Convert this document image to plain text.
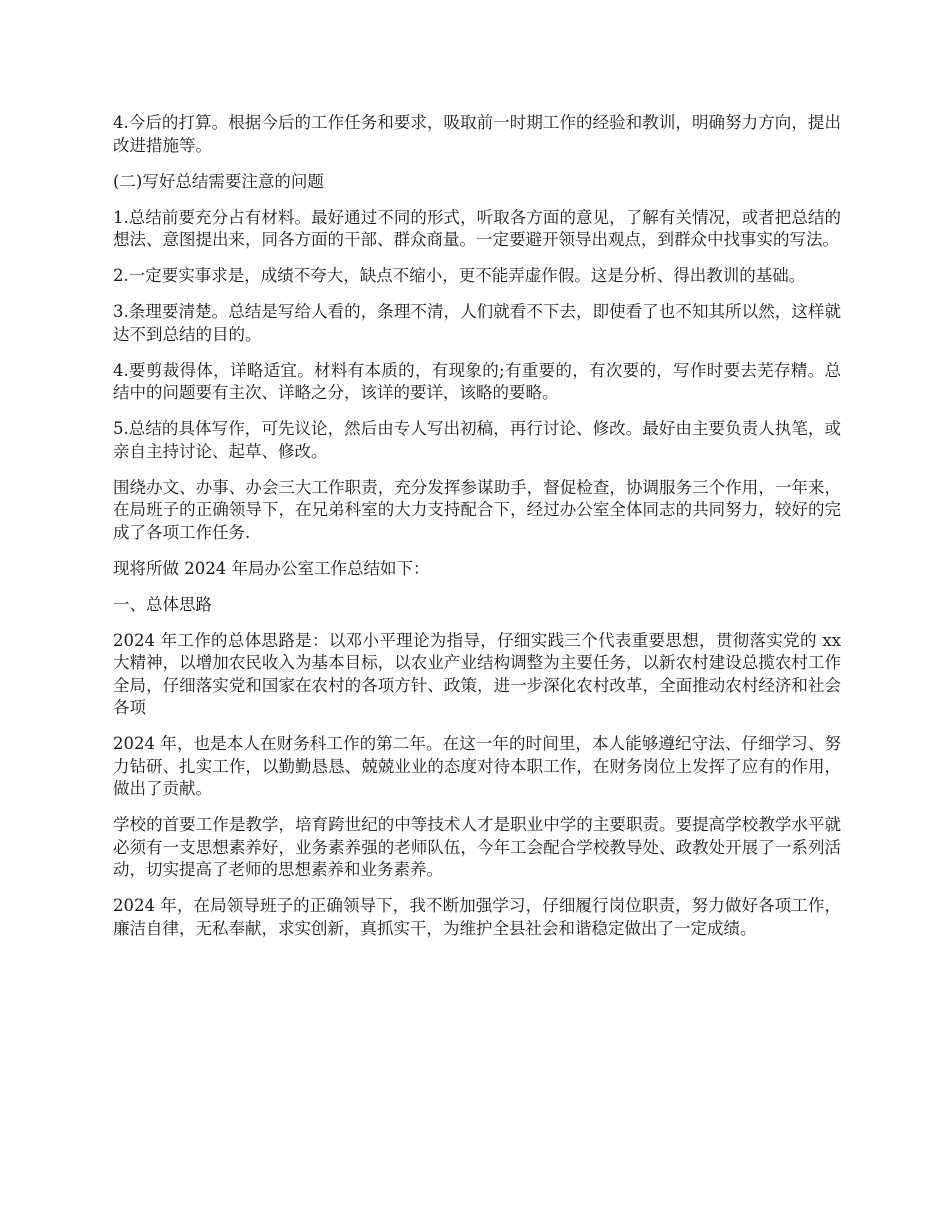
4.今后的打算。根据今后的工作任务和要求，吸取前一时期工作的经验和教训，明确努力方向，提出改进措施等。

(二)写好总结需要注意的问题

1.总结前要充分占有材料。最好通过不同的形式，听取各方面的意见，了解有关情况，或者把总结的想法、意图提出来，同各方面的干部、群众商量。一定要避开领导出观点，到群众中找事实的写法。

2.一定要实事求是，成绩不夸大，缺点不缩小，更不能弄虚作假。这是分析、得出教训的基础。

3.条理要清楚。总结是写给人看的，条理不清，人们就看不下去，即使看了也不知其所以然，这样就达不到总结的目的。

4.要剪裁得体，详略适宜。材料有本质的，有现象的;有重要的，有次要的，写作时要去芜存精。总结中的问题要有主次、详略之分，该详的要详，该略的要略。

5.总结的具体写作，可先议论，然后由专人写出初稿，再行讨论、修改。最好由主要负责人执笔，或亲自主持讨论、起草、修改。

围绕办文、办事、办会三大工作职责，充分发挥参谋助手，督促检查，协调服务三个作用，一年来，在局班子的正确领导下，在兄弟科室的大力支持配合下，经过办公室全体同志的共同努力，较好的完成了各项工作任务.

现将所做 2024 年局办公室工作总结如下：

一、总体思路

2024 年工作的总体思路是：以邓小平理论为指导，仔细实践三个代表重要思想，贯彻落实党的 xx 大精神，以增加农民收入为基本目标，以农业产业结构调整为主要任务，以新农村建设总揽农村工作全局，仔细落实党和国家在农村的各项方针、政策，进一步深化农村改革，全面推动农村经济和社会各项

2024 年，也是本人在财务科工作的第二年。在这一年的时间里，本人能够遵纪守法、仔细学习、努力钻研、扎实工作，以勤勤恳恳、兢兢业业的态度对待本职工作，在财务岗位上发挥了应有的作用，做出了贡献。

学校的首要工作是教学，培育跨世纪的中等技术人才是职业中学的主要职责。要提高学校教学水平就必须有一支思想素养好，业务素养强的老师队伍，今年工会配合学校教导处、政教处开展了一系列活动，切实提高了老师的思想素养和业务素养。

2024 年，在局领导班子的正确领导下，我不断加强学习，仔细履行岗位职责，努力做好各项工作，廉洁自律，无私奉献，求实创新，真抓实干，为维护全县社会和谐稳定做出了一定成绩。
